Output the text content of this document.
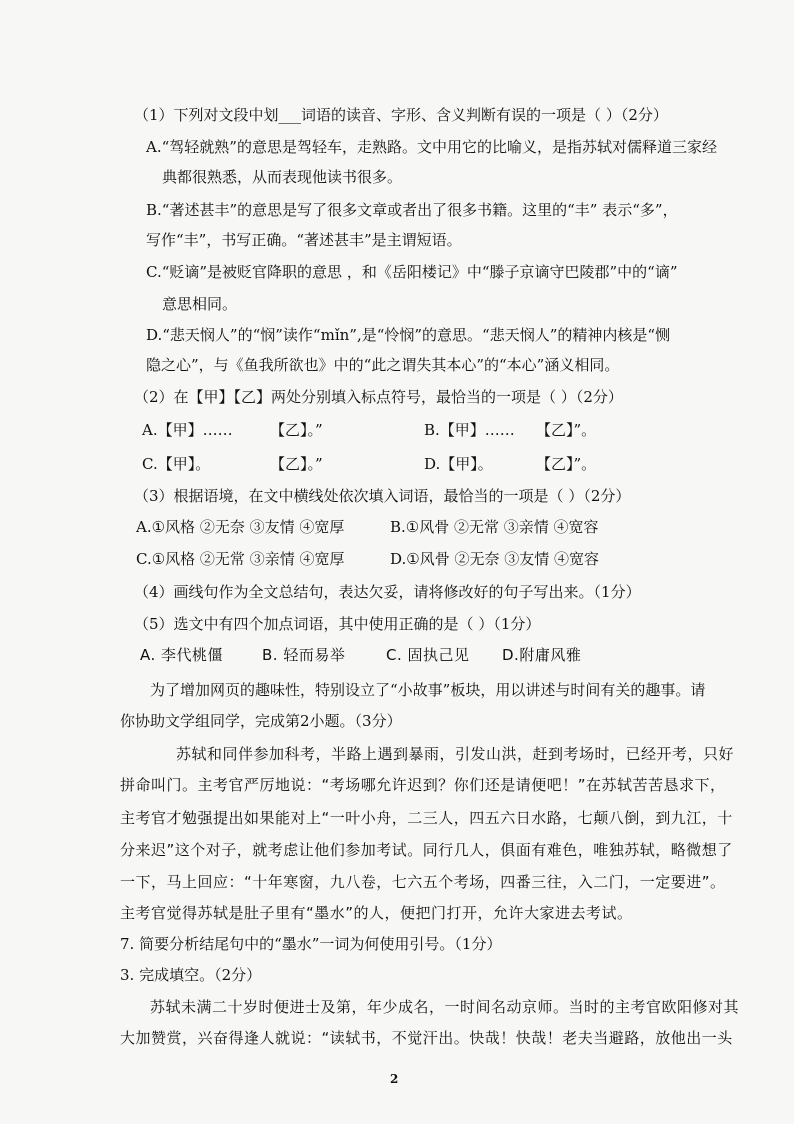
（1）下列对文段中划___词语的读音、字形、含义判断有误的一项是（ ）（2分）
A.“驾轻就熟”的意思是驾轻车，走熟路。文中用它的比喻义，是指苏轼对儒释道三家经
典都很熟悉，从而表现他读书很多。
B.“著述甚丰”的意思是写了很多文章或者出了很多书籍。这里的“丰” 表示“多”，
写作“丰”，书写正确。“著述甚丰”是主谓短语。
C.“贬谪”是被贬官降职的意思 ，和《岳阳楼记》中“滕子京谪守巴陵郡”中的“谪”
意思相同。
D.“悲天悯人”的“悯”读作“mǐn”,是“怜悯”的意思。“悲天悯人”的精神内核是“恻
隐之心”，与《鱼我所欲也》中的“此之谓失其本心”的“本心”涵义相同。
（2）在【甲】【乙】两处分别填入标点符号，最恰当的一项是（ ）（2分）
A.【甲】…… 【乙】。”	B.【甲】…… 【乙】”。
C.【甲】。	【乙】。”	D.【甲】。	【乙】”。
（3）根据语境，在文中横线处依次填入词语，最恰当的一项是（ ）（2分）
A.①风格 ②无奈 ③友情 ④宽厚	B.①风骨 ②无常 ③亲情 ④宽容
C.①风格 ②无常 ③亲情 ④宽厚	D.①风骨 ②无奈 ③友情 ④宽容
（4）画线句作为全文总结句，表达欠妥，请将修改好的句子写出来。（1分）
（5）选文中有四个加点词语，其中使用正确的是（ ）（1分）
A. 李代桃僵	B. 轻而易举	C. 固执己见 D.附庸风雅
为了增加网页的趣味性，特别设立了“小故事”板块，用以讲述与时间有关的趣事。请
你协助文学组同学，完成第2小题。（3分）
苏轼和同伴参加科考，半路上遇到暴雨，引发山洪，赶到考场时，已经开考，只好
拼命叫门。主考官严厉地说：“考场哪允许迟到？你们还是请便吧！”在苏轼苦苦恳求下，
主考官才勉强提出如果能对上“一叶小舟，二三人，四五六日水路，七颠八倒，到九江，十
分来迟”这个对子，就考虑让他们参加考试。同行几人，俱面有难色，唯独苏轼，略微想了
一下，马上回应：“十年寒窗，九八卷，七六五个考场，四番三往，入二门，一定要进”。
主考官觉得苏轼是肚子里有“墨水”的人，便把门打开，允许大家进去考试。
7. 简要分析结尾句中的“墨水”一词为何使用引号。（1分）
3. 完成填空。（2分）
苏轼未满二十岁时便进士及第，年少成名，一时间名动京师。当时的主考官欧阳修对其
大加赞赏，兴奋得逢人就说：“读轼书，不觉汗出。快哉！快哉！老夫当避路，放他出一头
2
